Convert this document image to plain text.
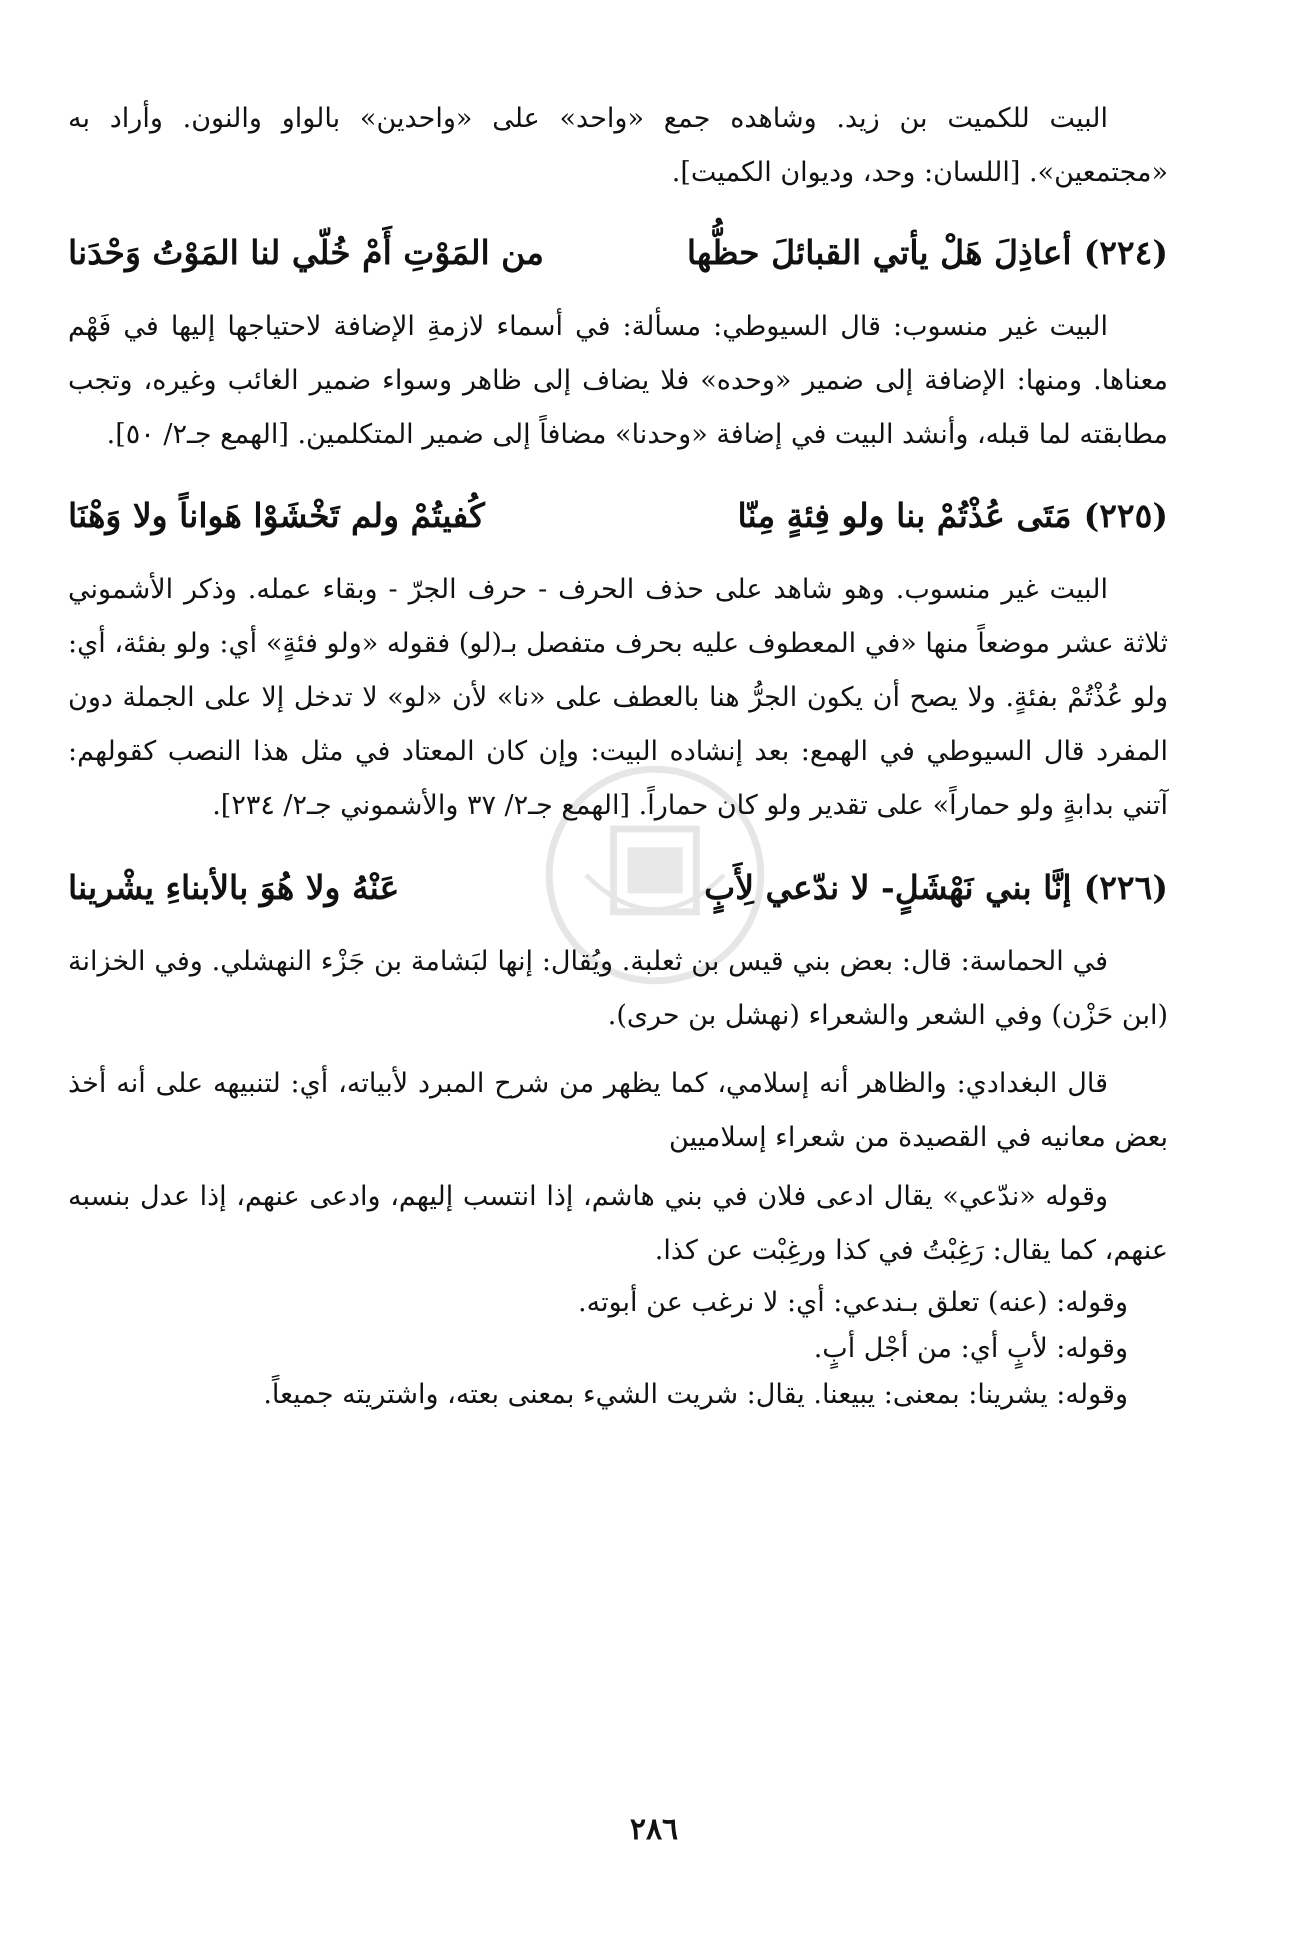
البيت للكميت بن زيد. وشاهده جمع «واحد» على «واحدين» بالواو والنون. وأراد به «مجتمعين». [اللسان: وحد، وديوان الكميت].

(٢٢٤)
أعاذِلَ هَلْ يأتي القبائلَ حظُّها
من المَوْتِ أَمْ خُلّي لنا المَوْتُ وَحْدَنا

البيت غير منسوب: قال السيوطي: مسألة: في أسماء لازمةِ الإضافة لاحتياجها إليها في فَهْم معناها. ومنها: الإضافة إلى ضمير «وحده» فلا يضاف إلى ظاهر وسواء ضمير الغائب وغيره، وتجب مطابقته لما قبله، وأنشد البيت في إضافة «وحدنا» مضافاً إلى ضمير المتكلمين. [الهمع جـ٢/ ٥٠].

(٢٢٥)
مَتَى عُذْتُمْ بنا ولو فِئةٍ مِنّا
كُفيتُمْ ولم تَخْشَوْا هَواناً ولا وَهْنَا

البيت غير منسوب. وهو شاهد على حذف الحرف - حرف الجرّ - وبقاء عمله. وذكر الأشموني ثلاثة عشر موضعاً منها «في المعطوف عليه بحرف متفصل بـ(لو) فقوله «ولو فئةٍ» أي: ولو بفئة، أي: ولو عُذْتُمْ بفئةٍ. ولا يصح أن يكون الجرُّ هنا بالعطف على «نا» لأن «لو» لا تدخل إلا على الجملة دون المفرد قال السيوطي في الهمع: بعد إنشاده البيت: وإن كان المعتاد في مثل هذا النصب كقولهم: آتني بدابةٍ ولو حماراً» على تقدير ولو كان حماراً. [الهمع جـ٢/ ٣٧ والأشموني جـ٢/ ٢٣٤].

(٢٢٦)
إنَّا بني نَهْشَلٍ- لا ندّعي لِأَبٍ
عَنْهُ ولا هُوَ بالأبناءِ يشْرينا

في الحماسة: قال: بعض بني قيس بن ثعلبة. ويُقال: إنها لبَشامة بن جَزْء النهشلي. وفي الخزانة (ابن حَزْن) وفي الشعر والشعراء (نهشل بن حرى).

قال البغدادي: والظاهر أنه إسلامي، كما يظهر من شرح المبرد لأبياته، أي: لتنبيهه على أنه أخذ بعض معانيه في القصيدة من شعراء إسلاميين

وقوله «ندّعي» يقال ادعى فلان في بني هاشم، إذا انتسب إليهم، وادعى عنهم، إذا عدل بنسبه عنهم، كما يقال: رَغِبْتُ في كذا ورغِبْت عن كذا.

وقوله: (عنه) تعلق بـندعي: أي: لا نرغب عن أبوته.
وقوله: لأبٍ أي: من أجْل أبٍ.
وقوله: يشرينا: بمعنى: يبيعنا. يقال: شريت الشيء بمعنى بعته، واشتريته جميعاً.
٢٨٦
